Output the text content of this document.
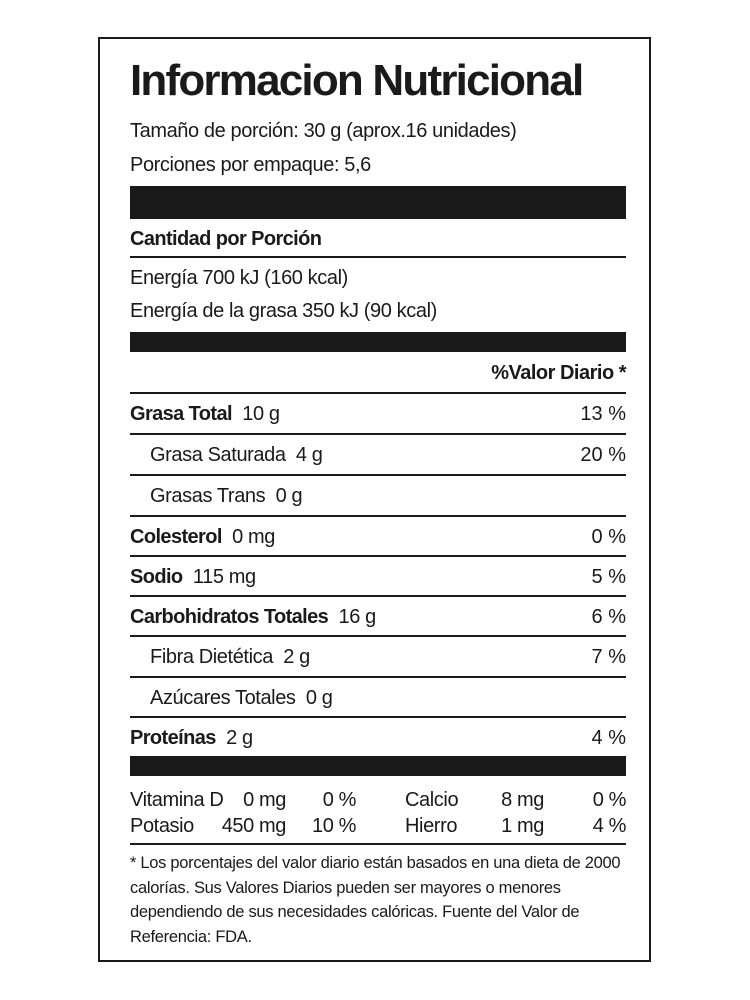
Informacion Nutricional
Tamaño de porción: 30 g (aprox.16 unidades)
Porciones por empaque: 5,6
Cantidad por Porción
Energía 700 kJ (160 kcal)
Energía de la grasa 350 kJ (90 kcal)
%Valor Diario *
Grasa Total 10 g	13 %
Grasa Saturada 4 g	20 %
Grasas Trans 0 g
Colesterol 0 mg	0 %
Sodio 115 mg	5 %
Carbohidratos Totales 16 g	6 %
Fibra Dietética 2 g	7 %
Azúcares Totales 0 g
Proteínas 2 g	4 %
Vitamina D 0 mg 0 % Calcio 8 mg 0 %
Potasio 450 mg 10 % Hierro 1 mg 4 %
* Los porcentajes del valor diario están basados en una dieta de 2000 calorías. Sus Valores Diarios pueden ser mayores o menores dependiendo de sus necesidades calóricas. Fuente del Valor de Referencia: FDA.
